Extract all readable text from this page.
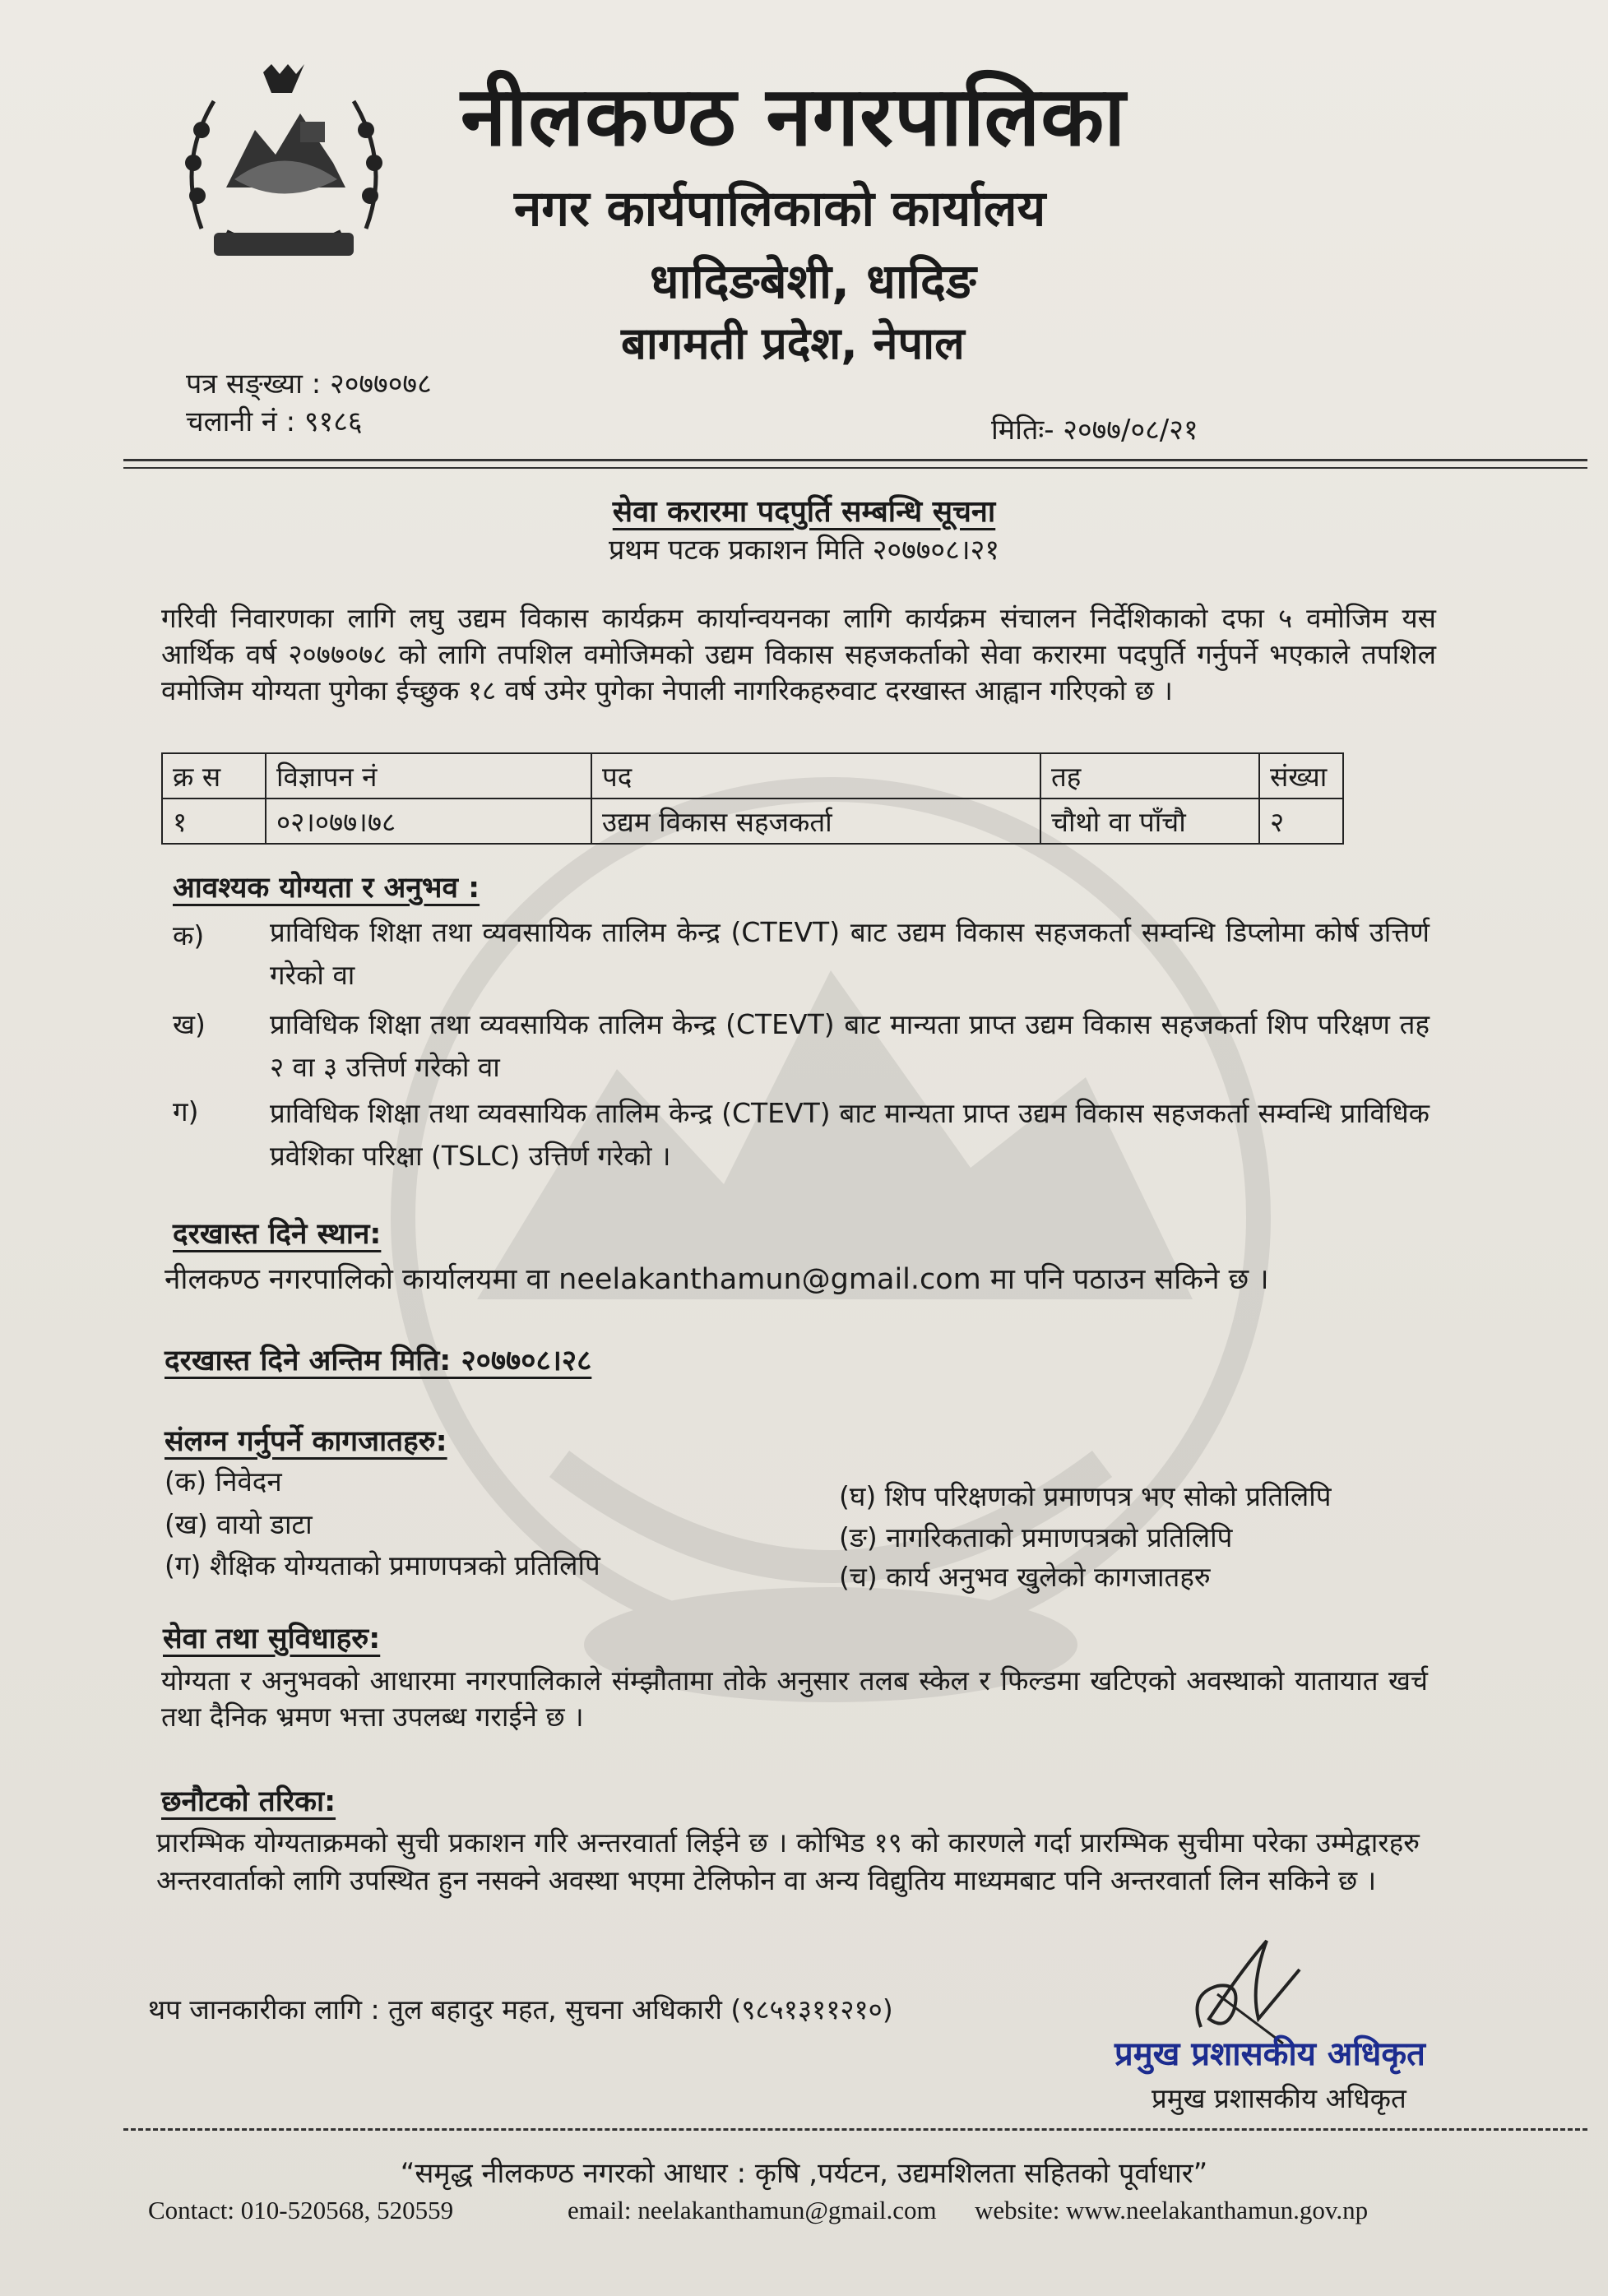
नीलकण्ठ नगरपालिका
नगर कार्यपालिकाको कार्यालय
धादिङबेशी, धादिङ
बागमती प्रदेश, नेपाल
पत्र सङ्ख्या : २०७७०७८
चलानी नं : ९१८६	मितिः- २०७७/०८/२१
सेवा करारमा पदपुर्ति सम्बन्धि सूचना
प्रथम पटक प्रकाशन मिति २०७७०८।२१
गरिवी निवारणका लागि लघु उद्यम विकास कार्यक्रम कार्यान्वयनका लागि कार्यक्रम संचालन निर्देशिकाको दफा ५ वमोजिम यस आर्थिक वर्ष २०७७०७८ को लागि तपशिल वमोजिमको उद्यम विकास सहजकर्ताको सेवा करारमा पदपुर्ति गर्नुपर्ने भएकाले तपशिल वमोजिम योग्यता पुगेका ईच्छुक १८ वर्ष उमेर पुगेका नेपाली नागरिकहरुवाट दरखास्त आह्वान गरिएको छ ।
क्र स	विज्ञापन नं	पद	तह	संख्या
१	०२।०७७।७८	उद्यम विकास सहजकर्ता	चौथो वा पाँचौ	२
आवश्यक योग्यता र अनुभव :
क) प्राविधिक शिक्षा तथा व्यवसायिक तालिम केन्द्र (CTEVT) बाट उद्यम विकास सहजकर्ता सम्वन्धि डिप्लोमा कोर्ष उत्तिर्ण गरेको वा
ख) प्राविधिक शिक्षा तथा व्यवसायिक तालिम केन्द्र (CTEVT) बाट मान्यता प्राप्त उद्यम विकास सहजकर्ता शिप परिक्षण तह २ वा ३ उत्तिर्ण गरेको वा
ग)	प्राविधिक शिक्षा तथा व्यवसायिक तालिम केन्द्र (CTEVT) बाट मान्यता प्राप्त उद्यम विकास सहजकर्ता सम्वन्धि प्राविधिक प्रवेशिका परिक्षा (TSLC) उत्तिर्ण गरेको ।
दरखास्त दिने स्थान:
नीलकण्ठ नगरपालिको कार्यालयमा वा neelakanthamun@gmail.com मा पनि पठाउन सकिने छ ।
दरखास्त दिने अन्तिम मिति: २०७७०८।२८
संलग्न गर्नुपर्ने कागजातहरु:
(क) निवेदन
(ख) वायो डाटा
(ग) शैक्षिक योग्यताको प्रमाणपत्रको प्रतिलिपि
(घ) शिप परिक्षणको प्रमाणपत्र भए सोको प्रतिलिपि
(ङ) नागरिकताको प्रमाणपत्रको प्रतिलिपि
(च) कार्य अनुभव खुलेको कागजातहरु
सेवा तथा सुविधाहरु:
योग्यता र अनुभवको आधारमा नगरपालिकाले संम्झौतामा तोके अनुसार तलब स्केल र फिल्डमा खटिएको अवस्थाको यातायात खर्च तथा दैनिक भ्रमण भत्ता उपलब्ध गराईने छ ।
छनौटको तरिका:
प्रारम्भिक योग्यताक्रमको सुची प्रकाशन गरि अन्तरवार्ता लिईने छ । कोभिड १९ को कारणले गर्दा प्रारम्भिक सुचीमा परेका उम्मेद्वारहरु अन्तरवार्ताको लागि उपस्थित हुन नसक्ने अवस्था भएमा टेलिफोन वा अन्य विद्युतिय माध्यमबाट पनि अन्तरवार्ता लिन सकिने छ ।
थप जानकारीका लागि : तुल बहादुर महत, सुचना अधिकारी (९८५१३११२१०)
प्रमुख प्रशासकीय अधिकृत
प्रमुख प्रशासकीय अधिकृत
“समृद्ध नीलकण्ठ नगरको आधार : कृषि ,पर्यटन, उद्यमशिलता सहितको पूर्वाधार”
Contact: 010-520568, 520559	email: neelakanthamun@gmail.com website: www.neelakanthamun.gov.np
